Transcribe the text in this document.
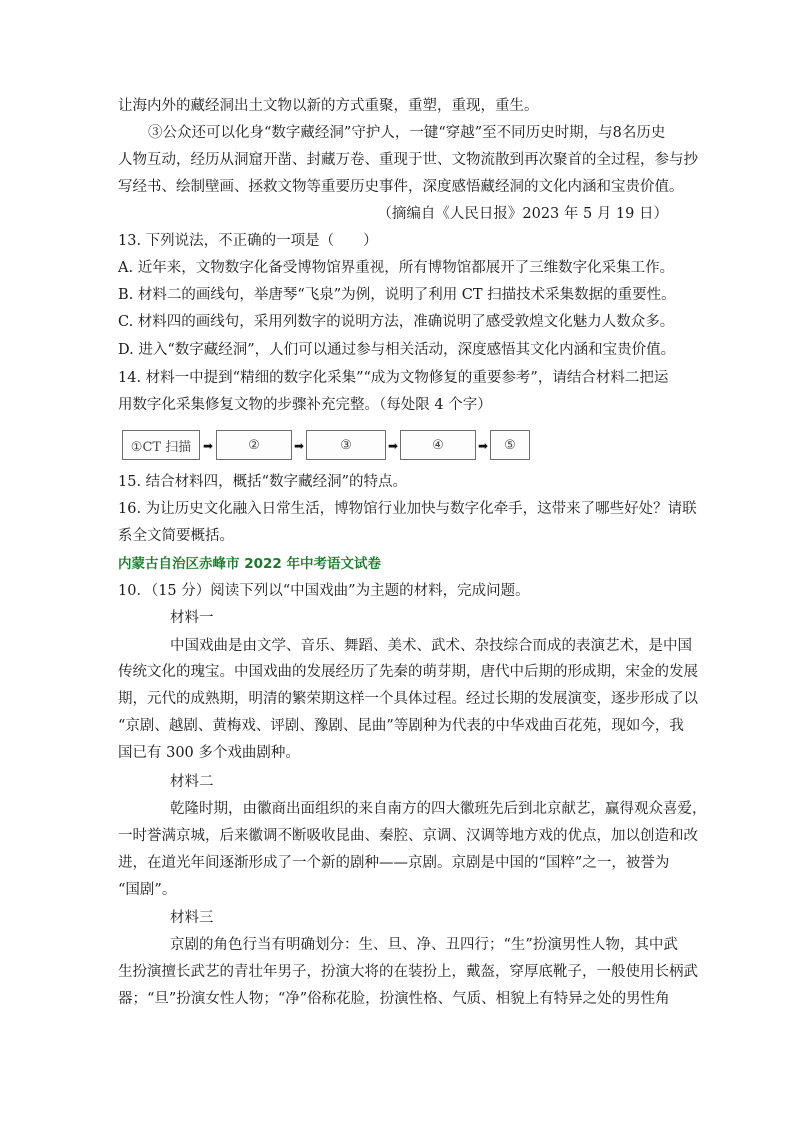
让海内外的藏经洞出土文物以新的方式重聚，重塑，重现，重生。
③公众还可以化身“数字藏经洞”守护人，一键“穿越”至不同历史时期，与8名历史
人物互动，经历从洞窟开凿、封藏万卷、重现于世、文物流散到再次聚首的全过程，参与抄
写经书、绘制壁画、拯救文物等重要历史事件，深度感悟藏经洞的文化内涵和宝贵价值。
（摘编自《人民日报》2023 年 5 月 19 日）
13. 下列说法，不正确的一项是（　　）
A. 近年来，文物数字化备受博物馆界重视，所有博物馆都展开了三维数字化采集工作。
B. 材料二的画线句，举唐琴“飞泉”为例，说明了利用 CT 扫描技术采集数据的重要性。
C. 材料四的画线句，采用列数字的说明方法，准确说明了感受敦煌文化魅力人数众多。
D. 进入“数字藏经洞”，人们可以通过参与相关活动，深度感悟其文化内涵和宝贵价值。
14. 材料一中提到“精细的数字化采集”“成为文物修复的重要参考”，请结合材料二把运
用数字化采集修复文物的步骤补充完整。（每处限 4 个字）
①CT 扫描 ➡	②	➡	③	➡	④	➡	⑤
15. 结合材料四，概括“数字藏经洞”的特点。
16. 为让历史文化融入日常生活，博物馆行业加快与数字化牵手，这带来了哪些好处？请联
系全文简要概括。
内蒙古自治区赤峰市 2022 年中考语文试卷
10．（15 分）阅读下列以“中国戏曲”为主题的材料，完成问题。
材料一
中国戏曲是由文学、音乐、舞蹈、美术、武术、杂技综合而成的表演艺术，是中国
传统文化的瑰宝。中国戏曲的发展经历了先秦的萌芽期，唐代中后期的形成期，宋金的发展
期，元代的成熟期，明清的繁荣期这样一个具体过程。经过长期的发展演变，逐步形成了以
“京剧、越剧、黄梅戏、评剧、豫剧、昆曲”等剧种为代表的中华戏曲百花苑，现如今，我
国已有 300 多个戏曲剧种。
材料二
乾隆时期，由徽商出面组织的来自南方的四大徽班先后到北京献艺，赢得观众喜爱，
一时誉满京城，后来徽调不断吸收昆曲、秦腔、京调、汉调等地方戏的优点，加以创造和改
进，在道光年间逐渐形成了一个新的剧种——京剧。京剧是中国的“国粹”之一，被誉为
“国剧”。
材料三
京剧的角色行当有明确划分：生、旦、净、丑四行；“生”扮演男性人物，其中武
生扮演擅长武艺的青壮年男子，扮演大将的在装扮上，戴盔，穿厚底靴子，一般使用长柄武
器；“旦”扮演女性人物；“净”俗称花脸，扮演性格、气质、相貌上有特异之处的男性角
